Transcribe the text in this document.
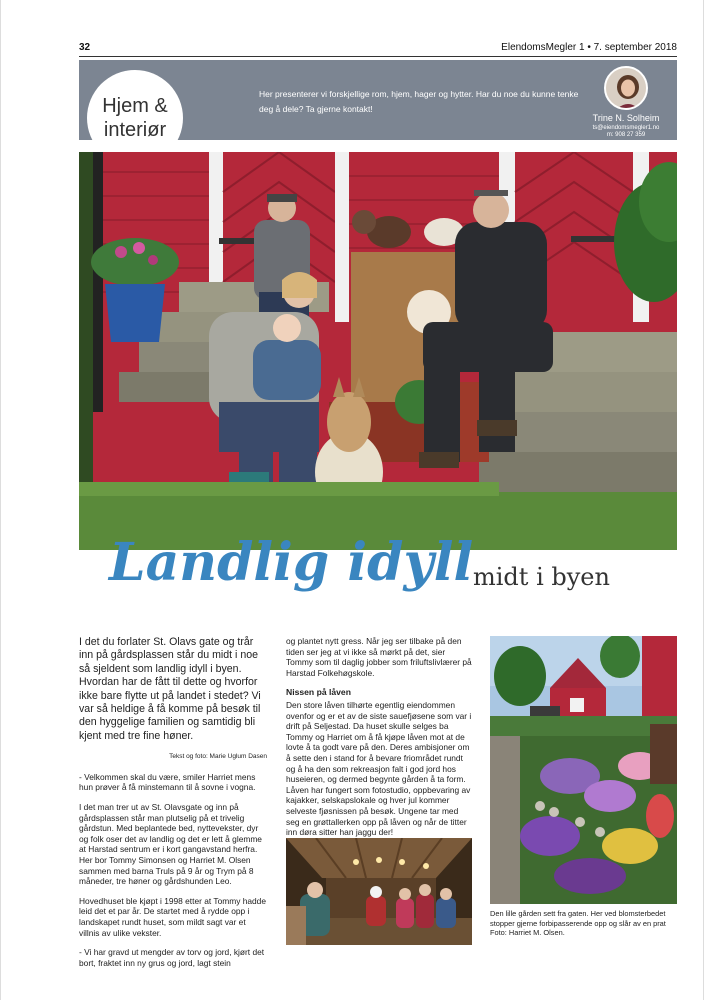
32	ElendomsMegler 1 • 7. september 2018
Hjem &
interiør
Her presenterer vi forskjellige rom, hjem, hager og hytter. Har du noe du kunne tenke deg å dele? Ta gjerne kontakt!
Trine N. Solheim
ts@eiendomsmegler1.no
m: 908 27 359
Landlig idyll midt i byen

I det du forlater St. Olavs gate og trår inn på gårdsplassen står du midt i noe så sjeldent som landlig idyll i byen. Hvordan har de fått til dette og hvorfor ikke bare flytte ut på landet i stedet? Vi var så heldige å få komme på besøk til den hyggelige familien og samtidig bli kjent med tre fine høner.

Tekst og foto: Marie Uglum Dasen

- Velkommen skal du være, smiler Harriet mens hun prøver å få minstemann til å sovne i vogna.

I det man trer ut av St. Olavsgate og inn på gårdsplassen står man plutselig på et trivelig gårdstun. Med beplantede bed, nyttevekster, dyr og folk oser det av landlig og det er lett å glemme at Harstad sentrum er i kort gangavstand herfra. Her bor Tommy Simonsen og Harriet M. Olsen sammen med barna Truls på 9 år og Trym på 8 måneder, tre høner og gårdshunden Leo.

Hovedhuset ble kjøpt i 1998 etter at Tommy hadde leid det et par år. De startet med å rydde opp i landskapet rundt huset, som mildt sagt var et villnis av ulike vekster.

- Vi har gravd ut mengder av torv og jord, kjørt det bort, fraktet inn ny grus og jord, lagt stein

og plantet nytt gress. Når jeg ser tilbake på den tiden ser jeg at vi ikke så mørkt på det, sier Tommy som til daglig jobber som friluftslivlærer på Harstad Folkehøgskole.

Nissen på låven

Den store låven tilhørte egentlig eiendommen ovenfor og er et av de siste sauefjøsene som var i drift på Seljestad. Da huset skulle selges ba Tommy og Harriet om å få kjøpe låven mot at de lovte å ta godt vare på den. Deres ambisjoner om å sette den i stand for å bevare friområdet rundt og å ha den som rekreasjon falt i god jord hos huseieren, og dermed begynte gården å ta form. Låven har fungert som fotostudio, oppbevaring av kajakker, selskapslokale og hver jul kommer selveste fjøsnissen på besøk. Ungene tar med seg en grøttallerken opp på låven og når de titter inn døra sitter han jaggu der!

Den lille gården sett fra gaten. Her ved blomsterbedet stopper gjerne forbipasserende opp og slår av en prat Foto: Harriet M. Olsen.
